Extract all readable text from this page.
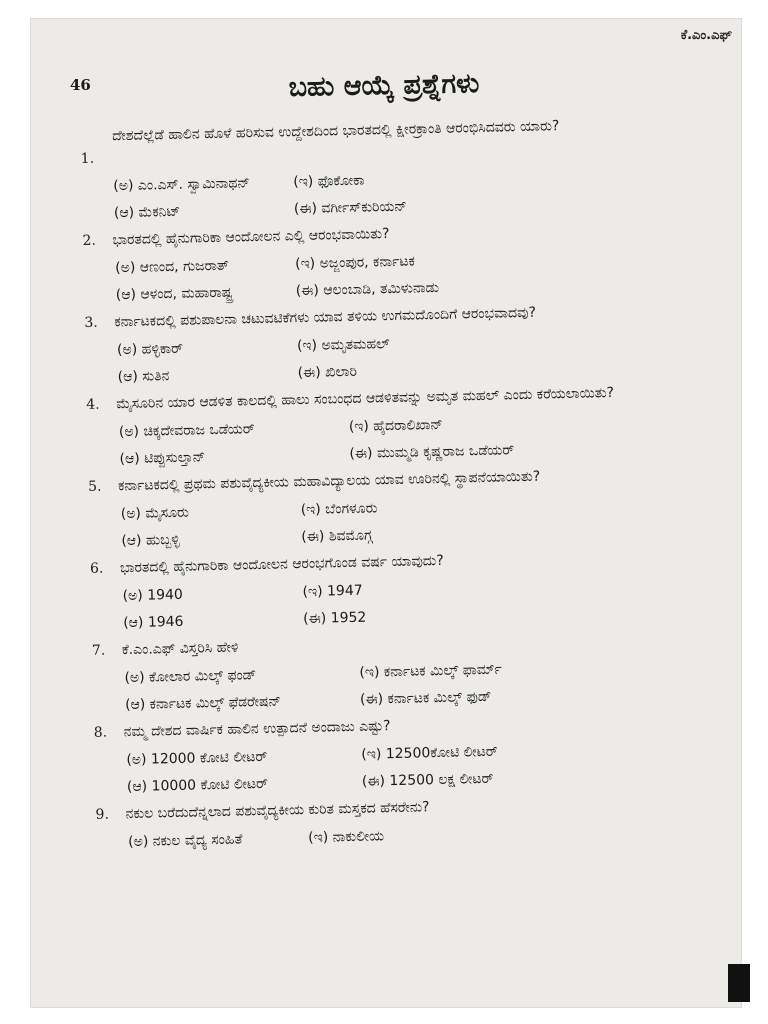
ಕೆ.ಎಂ.ಎಫ್
46	ಬಹು ಆಯ್ಕೆ ಪ್ರಶ್ನೆಗಳು
ದೇಶದೆಲ್ಲೆಡೆ ಹಾಲಿನ ಹೊಳೆ ಹರಿಸುವ ಉದ್ದೇಶದಿಂದ ಭಾರತದಲ್ಲಿ ಕ್ಷೀರಕ್ರಾಂತಿ ಆರಂಭಿಸಿದವರು ಯಾರು?
1.
(ಅ) ಎಂ.ಎಸ್. ಸ್ವಾಮಿನಾಥನ್	(ಇ) ಫೊಕೋಕಾ
(ಆ) ಮೆಕನಿಟ್	(ಈ) ವರ್ಗೀಸ್‌ಕುರಿಯನ್
2.	ಭಾರತದಲ್ಲಿ ಹೈನುಗಾರಿಕಾ ಆಂದೋಲನ ಎಲ್ಲಿ ಆರಂಭವಾಯಿತು?
(ಅ) ಆಣಂದ, ಗುಜರಾತ್	(ಇ) ಅಜ್ಜಂಪುರ, ಕರ್ನಾಟಕ
(ಆ) ಆಳಂದ, ಮಹಾರಾಷ್ಟ್ರ	(ಈ) ಆಲಂಬಾಡಿ, ತಮಿಳುನಾಡು
3.	ಕರ್ನಾಟಕದಲ್ಲಿ ಪಶುಪಾಲನಾ ಚಟುವಟಿಕೆಗಳು ಯಾವ ತಳಿಯ ಉಗಮದೊಂದಿಗೆ ಆರಂಭವಾದವು?
(ಅ) ಹಳ್ಳಿಕಾರ್	(ಇ) ಅಮೃತಮಹಲ್
(ಆ) ಸುತಿನ	(ಈ) ಖಿಲಾರಿ
4.	ಮೈಸೂರಿನ ಯಾರ ಆಡಳಿತ ಕಾಲದಲ್ಲಿ ಹಾಲು ಸಂಬಂಧದ ಆಡಳಿತವನ್ನು ಅಮೃತ ಮಹಲ್ ಎಂದು ಕರೆಯಲಾಯಿತು?
(ಅ) ಚಿಕ್ಕದೇವರಾಜ ಒಡೆಯರ್	(ಇ) ಹೈದರಾಲಿಖಾನ್
(ಆ) ಟಿಪ್ಪುಸುಲ್ತಾನ್	(ಈ) ಮುಮ್ಮಡಿ ಕೃಷ್ಣರಾಜ ಒಡೆಯರ್
5.	ಕರ್ನಾಟಕದಲ್ಲಿ ಪ್ರಥಮ ಪಶುವೈದ್ಯಕೀಯ ಮಹಾವಿದ್ಯಾಲಯ ಯಾವ ಊರಿನಲ್ಲಿ ಸ್ಥಾಪನೆಯಾಯಿತು?
(ಅ) ಮೈಸೂರು	(ಇ) ಬೆಂಗಳೂರು
(ಆ) ಹುಬ್ಬಳ್ಳಿ	(ಈ) ಶಿವಮೊಗ್ಗ
6.	ಭಾರತದಲ್ಲಿ ಹೈನುಗಾರಿಕಾ ಆಂದೋಲನ ಆರಂಭಗೊಂಡ ವರ್ಷ ಯಾವುದು?
(ಅ) 1940	(ಇ) 1947
(ಆ) 1946	(ಈ) 1952
7.	ಕೆ.ಎಂ.ಎಫ್ ವಿಸ್ತರಿಸಿ ಹೇಳಿ
(ಅ) ಕೋಲಾರ ಮಿಲ್ಕ್ ಫಂಡ್	(ಇ) ಕರ್ನಾಟಕ ಮಿಲ್ಕ್ ಫಾರ್ಮ್
(ಆ) ಕರ್ನಾಟಕ ಮಿಲ್ಕ್ ಫೆಡರೇಷನ್	(ಈ) ಕರ್ನಾಟಕ ಮಿಲ್ಕ್ ಫುಡ್
8.	ನಮ್ಮ ದೇಶದ ವಾರ್ಷಿಕ ಹಾಲಿನ ಉತ್ಪಾದನೆ ಅಂದಾಜು ಎಷ್ಟು?
(ಅ) 12000 ಕೋಟಿ ಲೀಟರ್	(ಇ) 12500ಕೋಟಿ ಲೀಟರ್
(ಆ) 10000 ಕೋಟಿ ಲೀಟರ್	(ಈ) 12500 ಲಕ್ಷ ಲೀಟರ್
9.	ನಕುಲ ಬರೆದುದೆನ್ನಲಾದ ಪಶುವೈದ್ಯಕೀಯ ಕುರಿತ ಮಸ್ತಕದ ಹೆಸರೇನು?
(ಅ) ನಕುಲ ವೈದ್ಯ ಸಂಹಿತೆ	(ಇ) ನಾಕುಲೀಯ
